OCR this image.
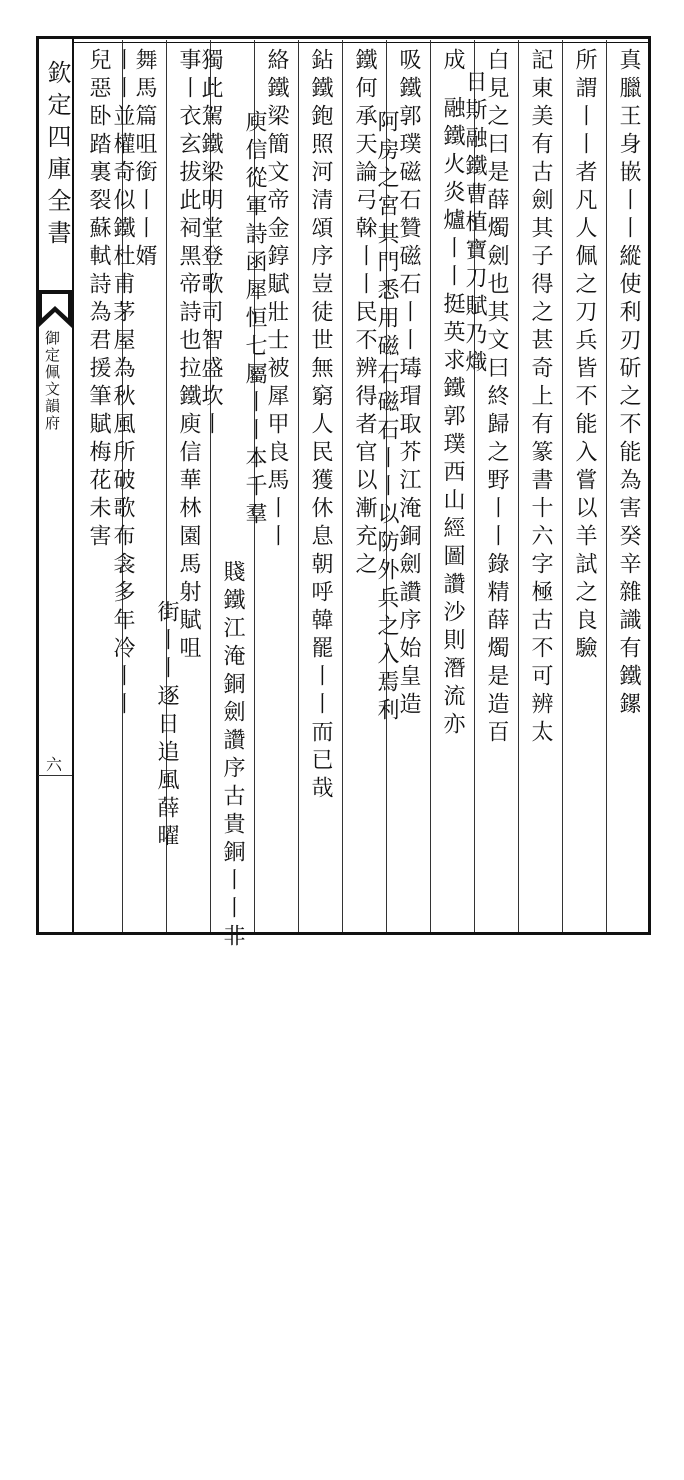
欽定四庫全書
御定佩文韻府
六
真臘王身嵌丨丨縱使利刃斫之不能為害癸辛雜識有鐵鏍
所謂丨丨者凡人佩之刀兵皆不能入嘗以羊試之良驗
記東美有古劍其子得之甚奇上有篆書十六字極古不可辨太
白見之曰是薛燭劍也其文曰終歸之野丨丨錄精薛燭是造百
日斯融鐵曹植寶刀賦乃熾
成
融鐵火炎爐丨丨挺英求鐵郭璞西山經圖讚沙則潛流亦
吸鐵郭璞磁石贊磁石丨丨瑇瑁取芥江淹銅劍讚序始皇造
阿房之宮其門悉用磁石磁石丨丨以防外兵之入焉利
鐵何承天論弓榦丨丨民不辨得者官以漸充之
鉆鐵鉋照河清頌序豈徒世無窮人民獲休息朝呼韓罷丨丨而已哉
絡鐵梁簡文帝金錞賦壯士被犀甲良馬丨丨
庾信從軍詩函犀恒七屬丨丨本千羣
賤鐵江淹銅劍讚序古貴銅丨丨非
獨此駕鐵梁明堂登歌司智盛坎丨
事丨衣玄拔此祠黑帝詩也拉鐵庾信華林園馬射賦咀
街丨丨逐日追風薛曜
舞馬篇咀銜丨丨婿
丨丨並權奇似鐵杜甫茅屋為秋風所破歌布衾多年冷丨丨
兒惡卧踏裏裂蘇軾詩為君援筆賦梅花未害
